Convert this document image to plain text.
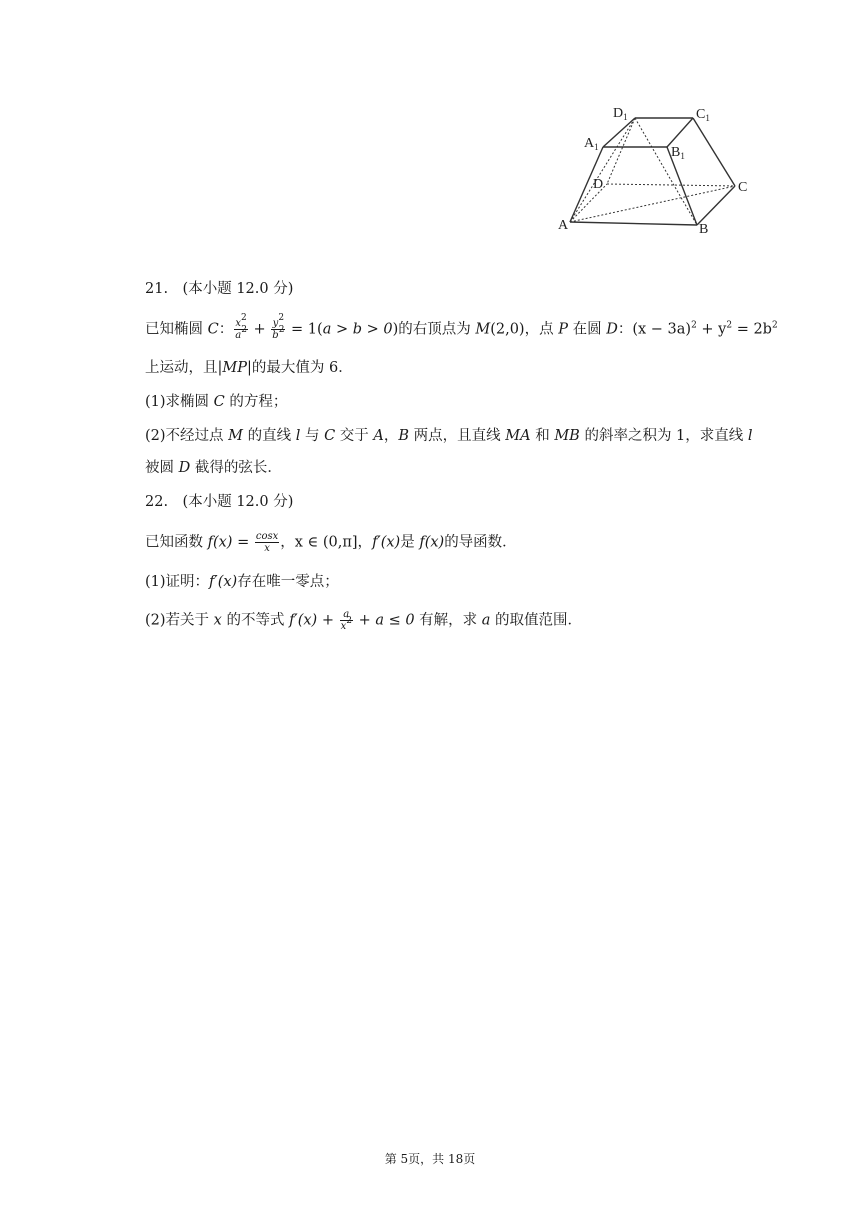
$D_1$	$C_1$
$A_1$	$B_1$
D	C
A	B
21.　(本小题 12.0 分)
已知椭圆 C： $\frac{x^2}{a^2} + \frac{y^2}{b^2} = 1(a > b > 0)$的右顶点为 M(2,0)，点 P 在圆 D：$(x - 3a)^2 + y^2 = 2b^2$
上运动，且|MP|的最大值为 6．
(1)求椭圆 C 的方程；
(2)不经过点 M 的直线 l 与 C 交于 A，B 两点，且直线 MA 和 MB 的斜率之积为 1，求直线 l
被圆 D 截得的弦长．
22.　(本小题 12.0 分)
已知函数 $f(x) = \frac{\cos x}{x}$ ，x ∈ (0,π]，f′(x)是 f(x)的导函数．
(1)证明：f′(x)存在唯一零点；
(2)若关于 x 的不等式 $f'(x) + \frac{a}{x^2} + a \le 0$ 有解，求 a 的取值范围．
第 5页，共 18页
